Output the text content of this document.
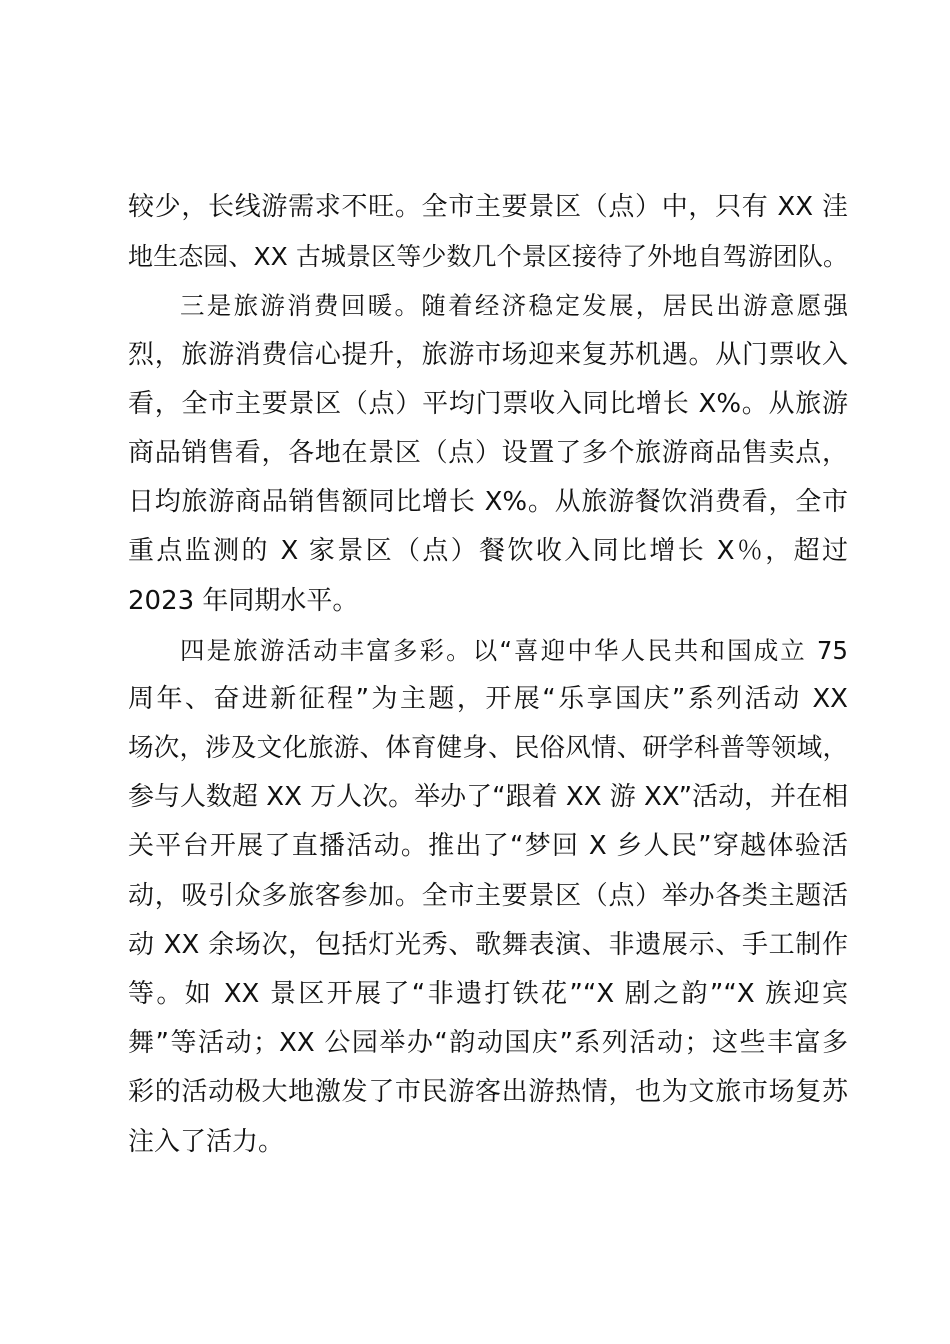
较少，长线游需求不旺。全市主要景区（点）中，只有 XX 洼
地生态园、XX 古城景区等少数几个景区接待了外地自驾游团队。
三是旅游消费回暖。随着经济稳定发展，居民出游意愿强
烈，旅游消费信心提升，旅游市场迎来复苏机遇。从门票收入
看，全市主要景区（点）平均门票收入同比增长 X%。从旅游
商品销售看，各地在景区（点）设置了多个旅游商品售卖点，
日均旅游商品销售额同比增长 X%。从旅游餐饮消费看，全市
重点监测的 X 家景区（点）餐饮收入同比增长 X％，超过
2023 年同期水平。
四是旅游活动丰富多彩。以“喜迎中华人民共和国成立 75
周年、奋进新征程”为主题，开展“乐享国庆”系列活动 XX
场次，涉及文化旅游、体育健身、民俗风情、研学科普等领域，
参与人数超 XX 万人次。举办了“跟着 XX 游 XX”活动，并在相
关平台开展了直播活动。推出了“梦回 X 乡人民”穿越体验活
动，吸引众多旅客参加。全市主要景区（点）举办各类主题活
动 XX 余场次，包括灯光秀、歌舞表演、非遗展示、手工制作
等。如 XX 景区开展了“非遗打铁花”“X 剧之韵”“X 族迎宾
舞”等活动；XX 公园举办“韵动国庆”系列活动；这些丰富多
彩的活动极大地激发了市民游客出游热情，也为文旅市场复苏
注入了活力。
